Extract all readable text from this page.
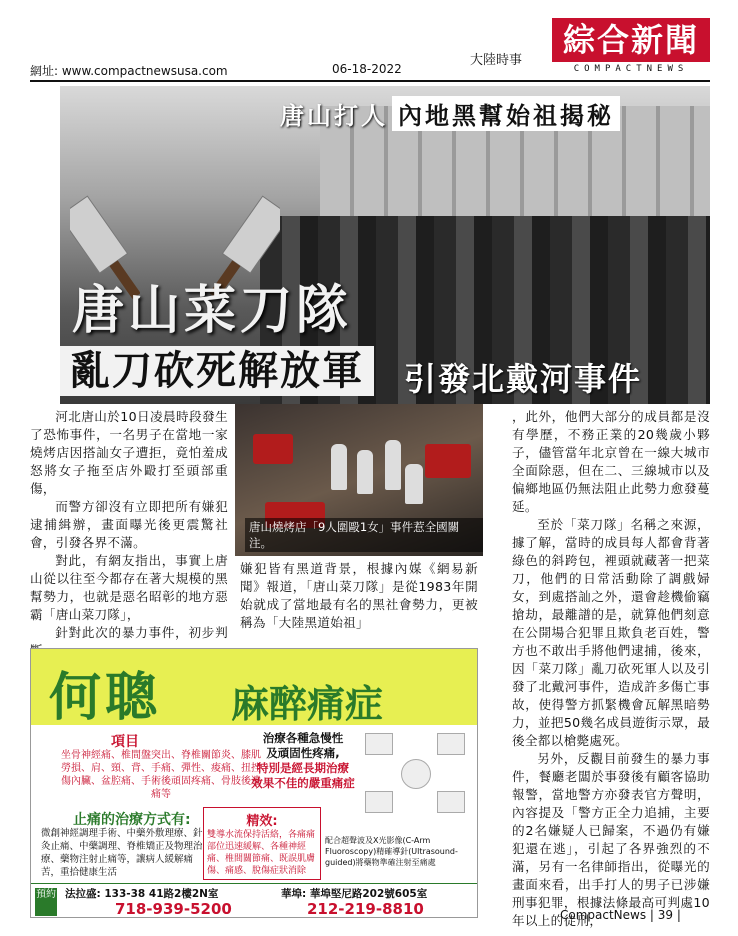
綜合新聞
COMPACTNEWS
大陸時事
網址: www.compactnewsusa.com	06-18-2022
唐山打人 內地黑幫始祖揭秘
唐山菜刀隊
亂刀砍死解放軍	引發北戴河事件

河北唐山於10日凌晨時段發生了恐怖事件，一名男子在當地一家燒烤店因搭訕女子遭拒，竟怕羞成怒將女子拖至店外毆打至頭部重傷，

而警方卻沒有立即把所有嫌犯逮捕緝辦，畫面曝光後更震驚社會，引發各界不滿。

對此，有網友指出，事實上唐山從以往至今都存在著大規模的黑幫勢力，也就是惡名昭彰的地方惡霸「唐山菜刀隊」，

針對此次的暴力事件，初步判

唐山燒烤店「9人圍毆1女」事件惹全國關注。

嫌犯皆有黑道背景，根據內媒《網易新聞》報道，「唐山菜刀隊」是從1983年開始就成了當地最有名的黑社會勢力，更被稱為「大陸黑道始祖」

，此外，他們大部分的成員都是沒有學歷，不務正業的20幾歲小夥子，儘管當年北京曾在一線大城市全面除惡，但在二、三線城市以及偏鄉地區仍無法阻止此勢力愈發蔓延。

至於「菜刀隊」名稱之來源，據了解，當時的成員每人都會背著綠色的斜跨包，裡頭就藏著一把菜刀，他們的日常活動除了調戲婦女，到處搭訕之外，還會趁機偷竊搶劫，最離譜的是，就算他們刻意在公開場合犯罪且欺負老百姓，警方也不敢出手將他們逮捕，後來，因「菜刀隊」亂刀砍死軍人以及引發了北戴河事件，造成許多傷亡事故，使得警方抓緊機會瓦解黑暗勢力，並把50幾名成員遊街示眾，最後全都以槍斃處死。

另外，反觀目前發生的暴力事件，餐廳老闆於事發後有顧客協助報警，當地警方亦發表官方聲明，內容提及「警方正全力追捕，主要的2名嫌疑人已歸案，不過仍有嫌犯還在逃」，引起了各界強烈的不滿，另有一名律師指出，從曝光的畫面來看，出手打人的男子已涉嫌刑事犯罪，根據法條最高可判處10年以上的徒刑，

何聰 麻醉痛症
項目
坐骨神經痛、椎間盤突出、脊椎關節炎、膝肌勞損、肩、頸、背、手痛、彈性、痠痛、扭挫傷內臟、盆腔痛、手術後頑固疼痛、骨肢後遺痛等
治療各種急慢性
及頑固性疼痛,
特別是經長期治療
效果不佳的嚴重痛症
止痛的治療方式有:
微創神經調理手術、中藥外敷理療、針灸止痛、中藥調理、脊椎矯正及物理治療、藥物注射止痛等，讓病人緩解痛苦，重拾健康生活
精效:
雙導水流保持活絡，各痛痛部位迅速緩解、各種神經痛、椎間關節痛、既誤肌膚傷、痛感、脫傷症狀消除
配合超聲波及X光影像(C-Arm Fluoroscopy)精確導針(Ultrasound-guided)將藥物準確注射至痛處
預約 法拉盛: 133-38 41路2樓2N室
718-939-5200
華埠: 華埠堅尼路202號605室
212-219-8810	CompactNews | 39 |
